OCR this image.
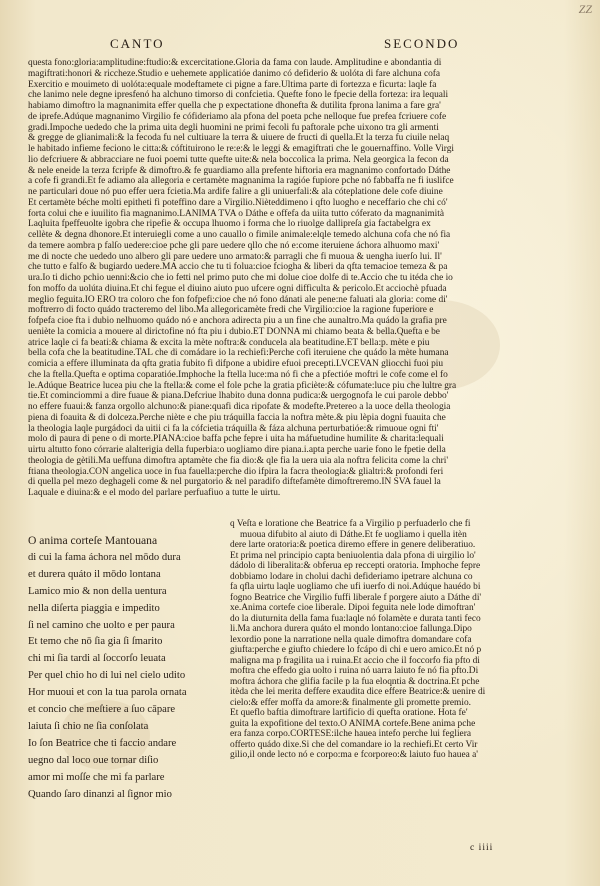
ZZ
CANTO	SECONDO
questa fono:gloria:amplitudine:ftudio:& excercitatione.Gloria da fama con laude. Amplitudine e abondantia di
magiftrati:honori & riccheze.Studio e uehemete applicatióe danimo có defiderio & uolóta di fare alchuna cofa
Exercitio e mouimeto di uolóta:equale modeftamete ci pigne a fare.Ultima parte di fortezza e ficurta: laqle fa
che lanimo nele degne ipresfenó ha alchuno timorso di confcietia. Quefte fono le fpecie della forteza: ira lequali
habiamo dimoftro la magnanimita effer quella che p expectatione dhonefta & dutilita fprona lanima a fare gra'
de iprefe.Adúque magnanimo Virgilio fe cófideriamo ala pfona del poeta pche nelloque fue prefea fcriuere cofe
gradi.Impoche uededo che la prima uita degli huomini ne primi fecoli fu paftorale pche uixono tra gli armenti
& gregge de glianimali:& la fecoda fu nel cultiuare la terra & uiuere de fructi di quella.Et la terza fu ciuile nelaq
le habitado infieme feciono le citta:& cóftituirono le re:e:& le leggi & emagiftrati che le gouernaffino. Volle Virgi
lio defcriuere & abbracciare ne fuoi poemi tutte quefte uite:& nela boccolica la prima. Nela georgica la fecon da
& nele eneide la terza fcripfe & dimoftro.& fe guardiamo alla prefente hiftoria era magnanimo confortado Dáthe
a cofe fi grandi.Et fe adiamo ala allegoria e certamète magnanima la ragióe fupiore pche nó fabbaffa ne fi iuslifce
ne particulari doue nó puo effer uera fcietia.Ma ardife falire a gli uniuerfali:& ala cóteplatione dele cofe diuine
Et certamète béche molti epitheti fi poteffino dare a Virgilio.Nièteddimeno i qfto luogho e neceffario che chi có'
forta colui che e iuuilito fia magnanimo.LANIMA TVA o Dáthe e offefa da uiita tutto cóferato da magnanimità
Laqluita fpeffeuolte igobra che ripefie & occupa lhuomo i forma che lo riuolge dallipreſa gia factabelgra ex
cellète & degna dhonore.Et interuiegli come a uno cauallo o fimile animale:elqle temedo alchuna cofa che nó fia
da temere aombra p falſo uedere:cioe pche gli pare uedere qllo che nó e:come iteruiene áchora alhuomo maxi'
me di nocte che uededo uno albero gli pare uedere uno armato:& parragli che fi muoua & uengha iuerſo lui. Il'
che tutto e falfo & bugiardo uedere.MA accio che tu ti folua:cioe fciogha & liberi da qfta temacioe temeza & pa
ura.Io ti dicho pchio uenni:&cio che io fetti nel primo puto che mi dolue cioe dolfe di te.Accio che tu itéda che io
fon moffo da uolúta diuina.Et chi fegue el diuino aiuto puo ufcere ogni difficulta & pericolo.Et acciochè pfuada
meglio feguita.IO ERO tra coloro che fon fofpefi:cioe che nó fono dánati ale pene:ne faluati ala gloria: come di'
moftrerro di focto quádo tracteremo del libo.Ma allegoricamète fredi che Virgilio:cioe la ragione fuperiore e
fofpefa cioe fta i dubio nelhuomo quádo nó e anchora adirecta piu a un fine che aunaltro.Ma quádo la grafia pre
ueniète la comicia a mouere al dirictofine nó fta piu i dubio.ET DONNA mi chiamo beata & bella.Quefta e be
atrice laqle ci fa beati:& chiama & excita la mète noftra:& conducela ala beatitudine.ET bella:p. mète e piu
bella cofa che la beatitudine.TAL che di comádare io la rechiefi:Perche cofi iteruiene che quádo la mète humana
comicia a effere illuminata da qfta gratia fubito fi difpone a ubidire efuoi precepti.LVCEVAN gliocchi fuoi piu
che la ftella.Quefta e optima coparatióe.Imphoche la ftella luce:ma nó fi che a pfectióe moftri le cofe come el fo
le.Adúque Beatrice lucea piu che la ftella:& come el fole pche la gratia pficiète:& cófumate:luce piu che lultre gra
tie.Et cominciommi a dire fuaue & piana.Defcriue lhabito duna donna pudica:& uergognofa le cui parole debbo'
no effere fuaui:& fanza orgollo alchuno:& piane:quafi dica ripofate & modefte.Pretereo a la uoce della theologia
piena di foauita & di dolceza.Perche niète e che piu tráquilla faccia la noftra mète.& piu lèpia dogni fuauita che
la theologia laqle purgádoci da uitii ci fa la cófcietia tráquilla & fáza alchuna perturbatióe:& rimuoue ogni fti'
molo di paura di pene o di morte.PIANA:cioe baffa pche fepre i uita ha máfuetudine humilite & charita:lequali
uirtu altutto fono córrarie alalterigia della fuperbia:o uogliamo dire piana.i.apta perche uarie fono le fpetie della
theologia de gètili.Ma ueffuna dimoftra aptamète che fia dio:& qle fia la uera uia ala noftra felicita come la chri'
ftiana theologia.CON angelica uoce in fua fauella:perche dio ifpira la facra theologia:& glialtri:& profondi feri
di quella pel mezo deghageli come & nel purgatorio & nel paradifo diftefamète dimoftreremo.IN SVA fauel la
Laquale e diuina:& e el modo del parlare perfuafiuo a tutte le uirtu.
O anima corteſe Mantouana
di cui la fama áchora nel mōdo dura
et durera quáto il mōdo lontana
Lamico mio & non della uentura
nella diſerta piaggia e impedito
ſi nel camino che uolto e per paura
Et temo che nō ſia gia ſi ſmarito
chi mi ſia tardi al ſoccorſo leuata
Per quel chio ho di lui nel cielo udito
Hor muoui et con la tua parola ornata
et concio che meſtiere a ſuo cāpare
laiuta ſi chio ne ſia conſolata
Io ſon Beatrice che ti faccio andare
uegno dal loco oue tornar diſio
amor mi moſſe che mi fa parlare
Quando ſaro dinanzi al ſignor mio
q Veſta e loratione che Beatrice fa a Virgilio p perfuaderlo che fi
muoua difubito al aiuto di Dáthe.Et fe uogliamo i quella itèn
dere larte oratoria:& poetica diremo effere in genere deliberatiuo.
Et prima nel principio capta beniuolentia dala pfona di uirgilio lo'
dádolo di liberalita:& obferua ep reccepti oratoria. Imphoche fepre
dobbiamo lodare in cholui dachi defideriamo ipetrare alchuna co
fa qfla uirtu laqle uogliamo che ufi iuerfo di noi.Adúque hauédo bi
fogno Beatrice che Virgilio fuffi liberale f porgere aiuto a Dáthe di'
xe.Anima cortefe cioe liberale. Dipoi feguita nele lode dimoftran'
do la diuturnita della fama fua:laqle nó folamète e durata tanti feco
li.Ma anchora durera quáto el mondo lontano:cioe fallunga.Dipo
lexordio pone la narratione nella quale dimoftra domandare cofa
giufta:perche e giufto chiedere lo fcápo di chi e uero amico.Et nó p
maligna ma p fragilita ua i ruina.Et accio che il foccorfo fia pfto di
moftra che effedo gia uolto i ruina nó uarra laiuto fe nó fia pfto.Di
moftra áchora che glifia facile p la fua eloqntia & doctrina.Et pche
itèda che lei merita deffere exaudita dice effere Beatrice:& uenire di
cielo:& effer moffa da amore:& finalmente gli promette premio.
Et queflo baftia dimoftrare lartificio di quefta oratione. Hota fe'
guita la expofitione del texto.O ANIMA cortefe.Bene anima pche
era fanza corpo.CORTESE:ilche hauea intefo perche lui fegliera
offerto quádo dixe.Si che del comandare io la rechiefi.Et certo Vir
gilio,il onde lecto nó e corpo:ma e fcorporeo:& laiuto fuo hauea a'
c iiii
